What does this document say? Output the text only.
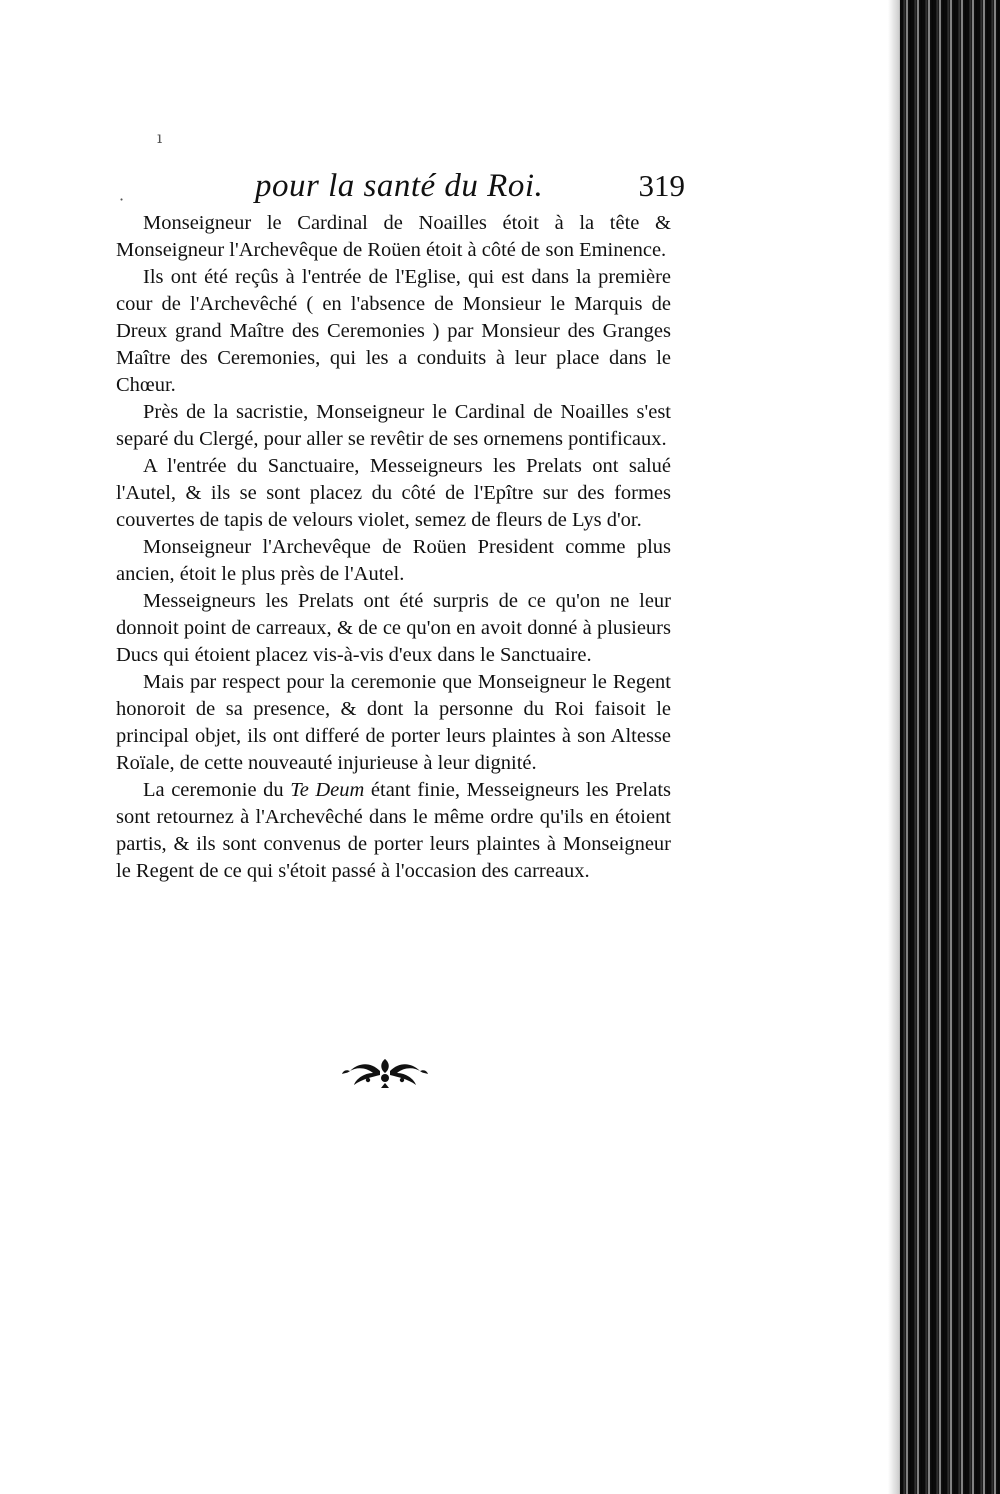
ı
·	pour la santé du Roi.	319

Monseigneur le Cardinal de Noailles étoit à la tête & Monseigneur l'Archevêque de Roüen étoit à côté de son Eminence.

Ils ont été reçûs à l'entrée de l'Eglise, qui est dans la première cour de l'Archevêché ( en l'absence de Monsieur le Marquis de Dreux grand Maître des Ceremonies ) par Monsieur des Granges Maître des Ceremonies, qui les a conduits à leur place dans le Chœur.

Près de la sacristie, Monseigneur le Cardinal de Noailles s'est separé du Clergé, pour aller se revêtir de ses ornemens pontificaux.

A l'entrée du Sanctuaire, Messeigneurs les Prelats ont salué l'Autel, & ils se sont placez du côté de l'Epître sur des formes couvertes de tapis de velours violet, semez de fleurs de Lys d'or.

Monseigneur l'Archevêque de Roüen President comme plus ancien, étoit le plus près de l'Autel.

Messeigneurs les Prelats ont été surpris de ce qu'on ne leur donnoit point de carreaux, & de ce qu'on en avoit donné à plusieurs Ducs qui étoient placez vis-à-vis d'eux dans le Sanctuaire.

Mais par respect pour la ceremonie que Monseigneur le Regent honoroit de sa presence, & dont la personne du Roi faisoit le principal objet, ils ont differé de porter leurs plaintes à son Altesse Roïale, de cette nouveauté injurieuse à leur dignité.

La ceremonie du Te Deum étant finie, Messeigneurs les Prelats sont retournez à l'Archevêché dans le même ordre qu'ils en étoient partis, & ils sont convenus de porter leurs plaintes à Monseigneur le Regent de ce qui s'étoit passé à l'occasion des carreaux.
